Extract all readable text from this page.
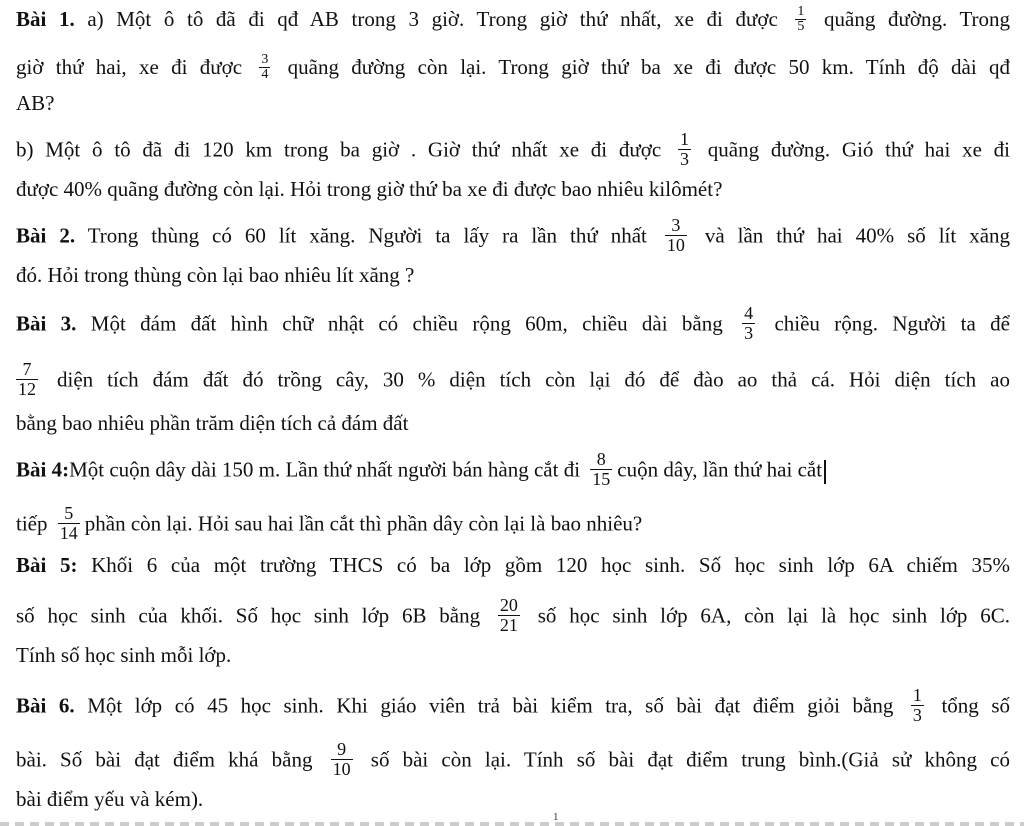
Bài 1. a) Một ô tô đã đi qđ AB trong 3 giờ. Trong giờ thứ nhất, xe đi được $\frac{1}{5}$ quãng đường. Trong
giờ thứ hai, xe đi được $\frac{3}{4}$ quãng đường còn lại. Trong giờ thứ ba xe đi được 50 km. Tính độ dài qđ
AB?
b) Một ô tô đã đi 120 km trong ba giờ . Giờ thứ nhất xe đi được $\frac{1}{3}$ quãng đường. Gió thứ hai xe đi
được 40% quãng đường còn lại. Hỏi trong giờ thứ ba xe đi được bao nhiêu kilômét?
Bài 2. Trong thùng có 60 lít xăng. Người ta lấy ra lần thứ nhất $\frac{3}{10}$ và lần thứ hai 40% số lít xăng
đó. Hỏi trong thùng còn lại bao nhiêu lít xăng ?
Bài 3. Một đám đất hình chữ nhật có chiều rộng 60m, chiều dài bằng $\frac{4}{3}$ chiều rộng. Người ta để
$\frac{7}{12}$ diện tích đám đất đó trồng cây, 30 % diện tích còn lại đó để đào ao thả cá. Hỏi diện tích ao
bằng bao nhiêu phần trăm diện tích cả đám đất
Bài 4:Một cuộn dây dài 150 m. Lần thứ nhất người bán hàng cắt đi $\frac{8}{15}$ cuộn dây, lần thứ hai cắt
tiếp $\frac{5}{14}$ phần còn lại. Hỏi sau hai lần cắt thì phần dây còn lại là bao nhiêu?
Bài 5: Khối 6 của một trường THCS có ba lớp gồm 120 học sinh. Số học sinh lớp 6A chiếm 35%
số học sinh của khối. Số học sinh lớp 6B bằng $\frac{20}{21}$ số học sinh lớp 6A, còn lại là học sinh lớp 6C.
Tính số học sinh mỗi lớp.
Bài 6. Một lớp có 45 học sinh. Khi giáo viên trả bài kiểm tra, số bài đạt điểm giỏi bằng $\frac{1}{3}$ tổng số
bài. Số bài đạt điểm khá bằng $\frac{9}{10}$ số bài còn lại. Tính số bài đạt điểm trung bình.(Giả sử không có
bài điểm yếu và kém).
1
